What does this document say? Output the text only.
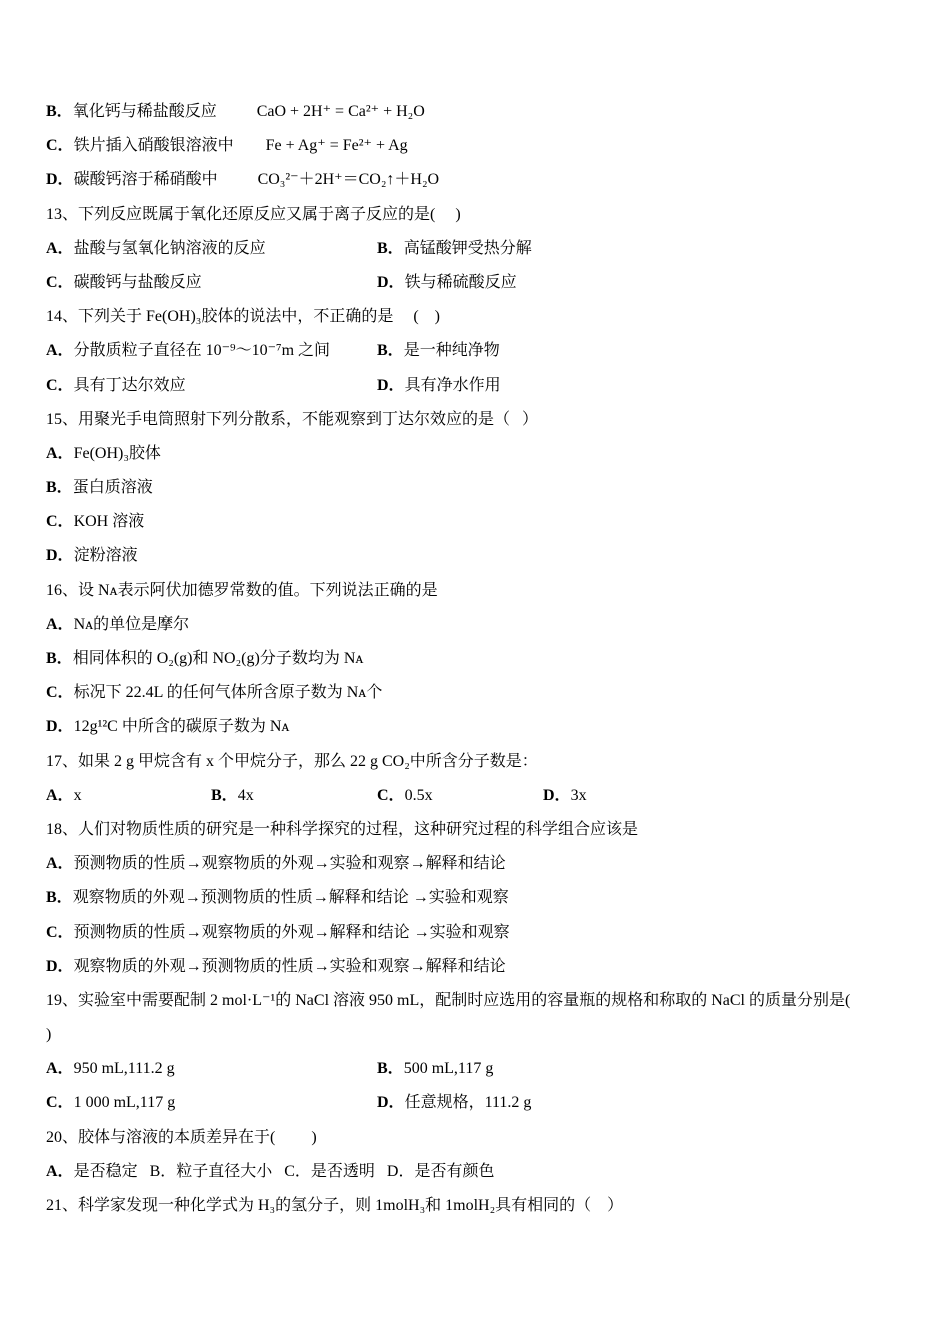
B．氧化钙与稀盐酸反应          CaO + 2H⁺ = Ca²⁺ + H₂O
C．铁片插入硝酸银溶液中        Fe + Ag⁺ = Fe²⁺ + Ag
D．碳酸钙溶于稀硝酸中          CO₃²⁻＋2H⁺＝CO₂↑＋H₂O
13、下列反应既属于氧化还原反应又属于离子反应的是(     )
A．盐酸与氢氧化钠溶液的反应	B．高锰酸钾受热分解
C．碳酸钙与盐酸反应	D．铁与稀硫酸反应
14、下列关于 Fe(OH)₃胶体的说法中，不正确的是     (    )
A．分散质粒子直径在 10⁻⁹～10⁻⁷m 之间	B．是一种纯净物
C．具有丁达尔效应	D．具有净水作用
15、用聚光手电筒照射下列分散系，不能观察到丁达尔效应的是（   ）
A．Fe(OH)₃胶体
B．蛋白质溶液
C．KOH 溶液
D．淀粉溶液
16、设 Nᴀ表示阿伏加德罗常数的值。下列说法正确的是
A．Nᴀ的单位是摩尔
B．相同体积的 O₂(g)和 NO₂(g)分子数均为 Nᴀ
C．标况下 22.4L 的任何气体所含原子数为 Nᴀ个
D．12g¹²C 中所含的碳原子数为 Nᴀ
17、如果 2 g 甲烷含有 x 个甲烷分子，那么 22 g CO₂中所含分子数是：
A．x	B．4x	C．0.5x	D．3x
18、人们对物质性质的研究是一种科学探究的过程，这种研究过程的科学组合应该是
A．预测物质的性质→观察物质的外观→实验和观察→解释和结论
B．观察物质的外观→预测物质的性质→解释和结论 →实验和观察
C．预测物质的性质→观察物质的外观→解释和结论 →实验和观察
D．观察物质的外观→预测物质的性质→实验和观察→解释和结论
19、实验室中需要配制 2 mol·L⁻¹的 NaCl 溶液 950 mL，配制时应选用的容量瓶的规格和称取的 NaCl 的质量分别是(
)
A．950 mL,111.2 g	B．500 mL,117 g
C．1 000 mL,117 g	D．任意规格，111.2 g
20、胶体与溶液的本质差异在于(         )
A．是否稳定   B．粒子直径大小   C．是否透明   D．是否有颜色
21、科学家发现一种化学式为 H₃的氢分子，则 1molH₃和 1molH₂具有相同的（    ）
